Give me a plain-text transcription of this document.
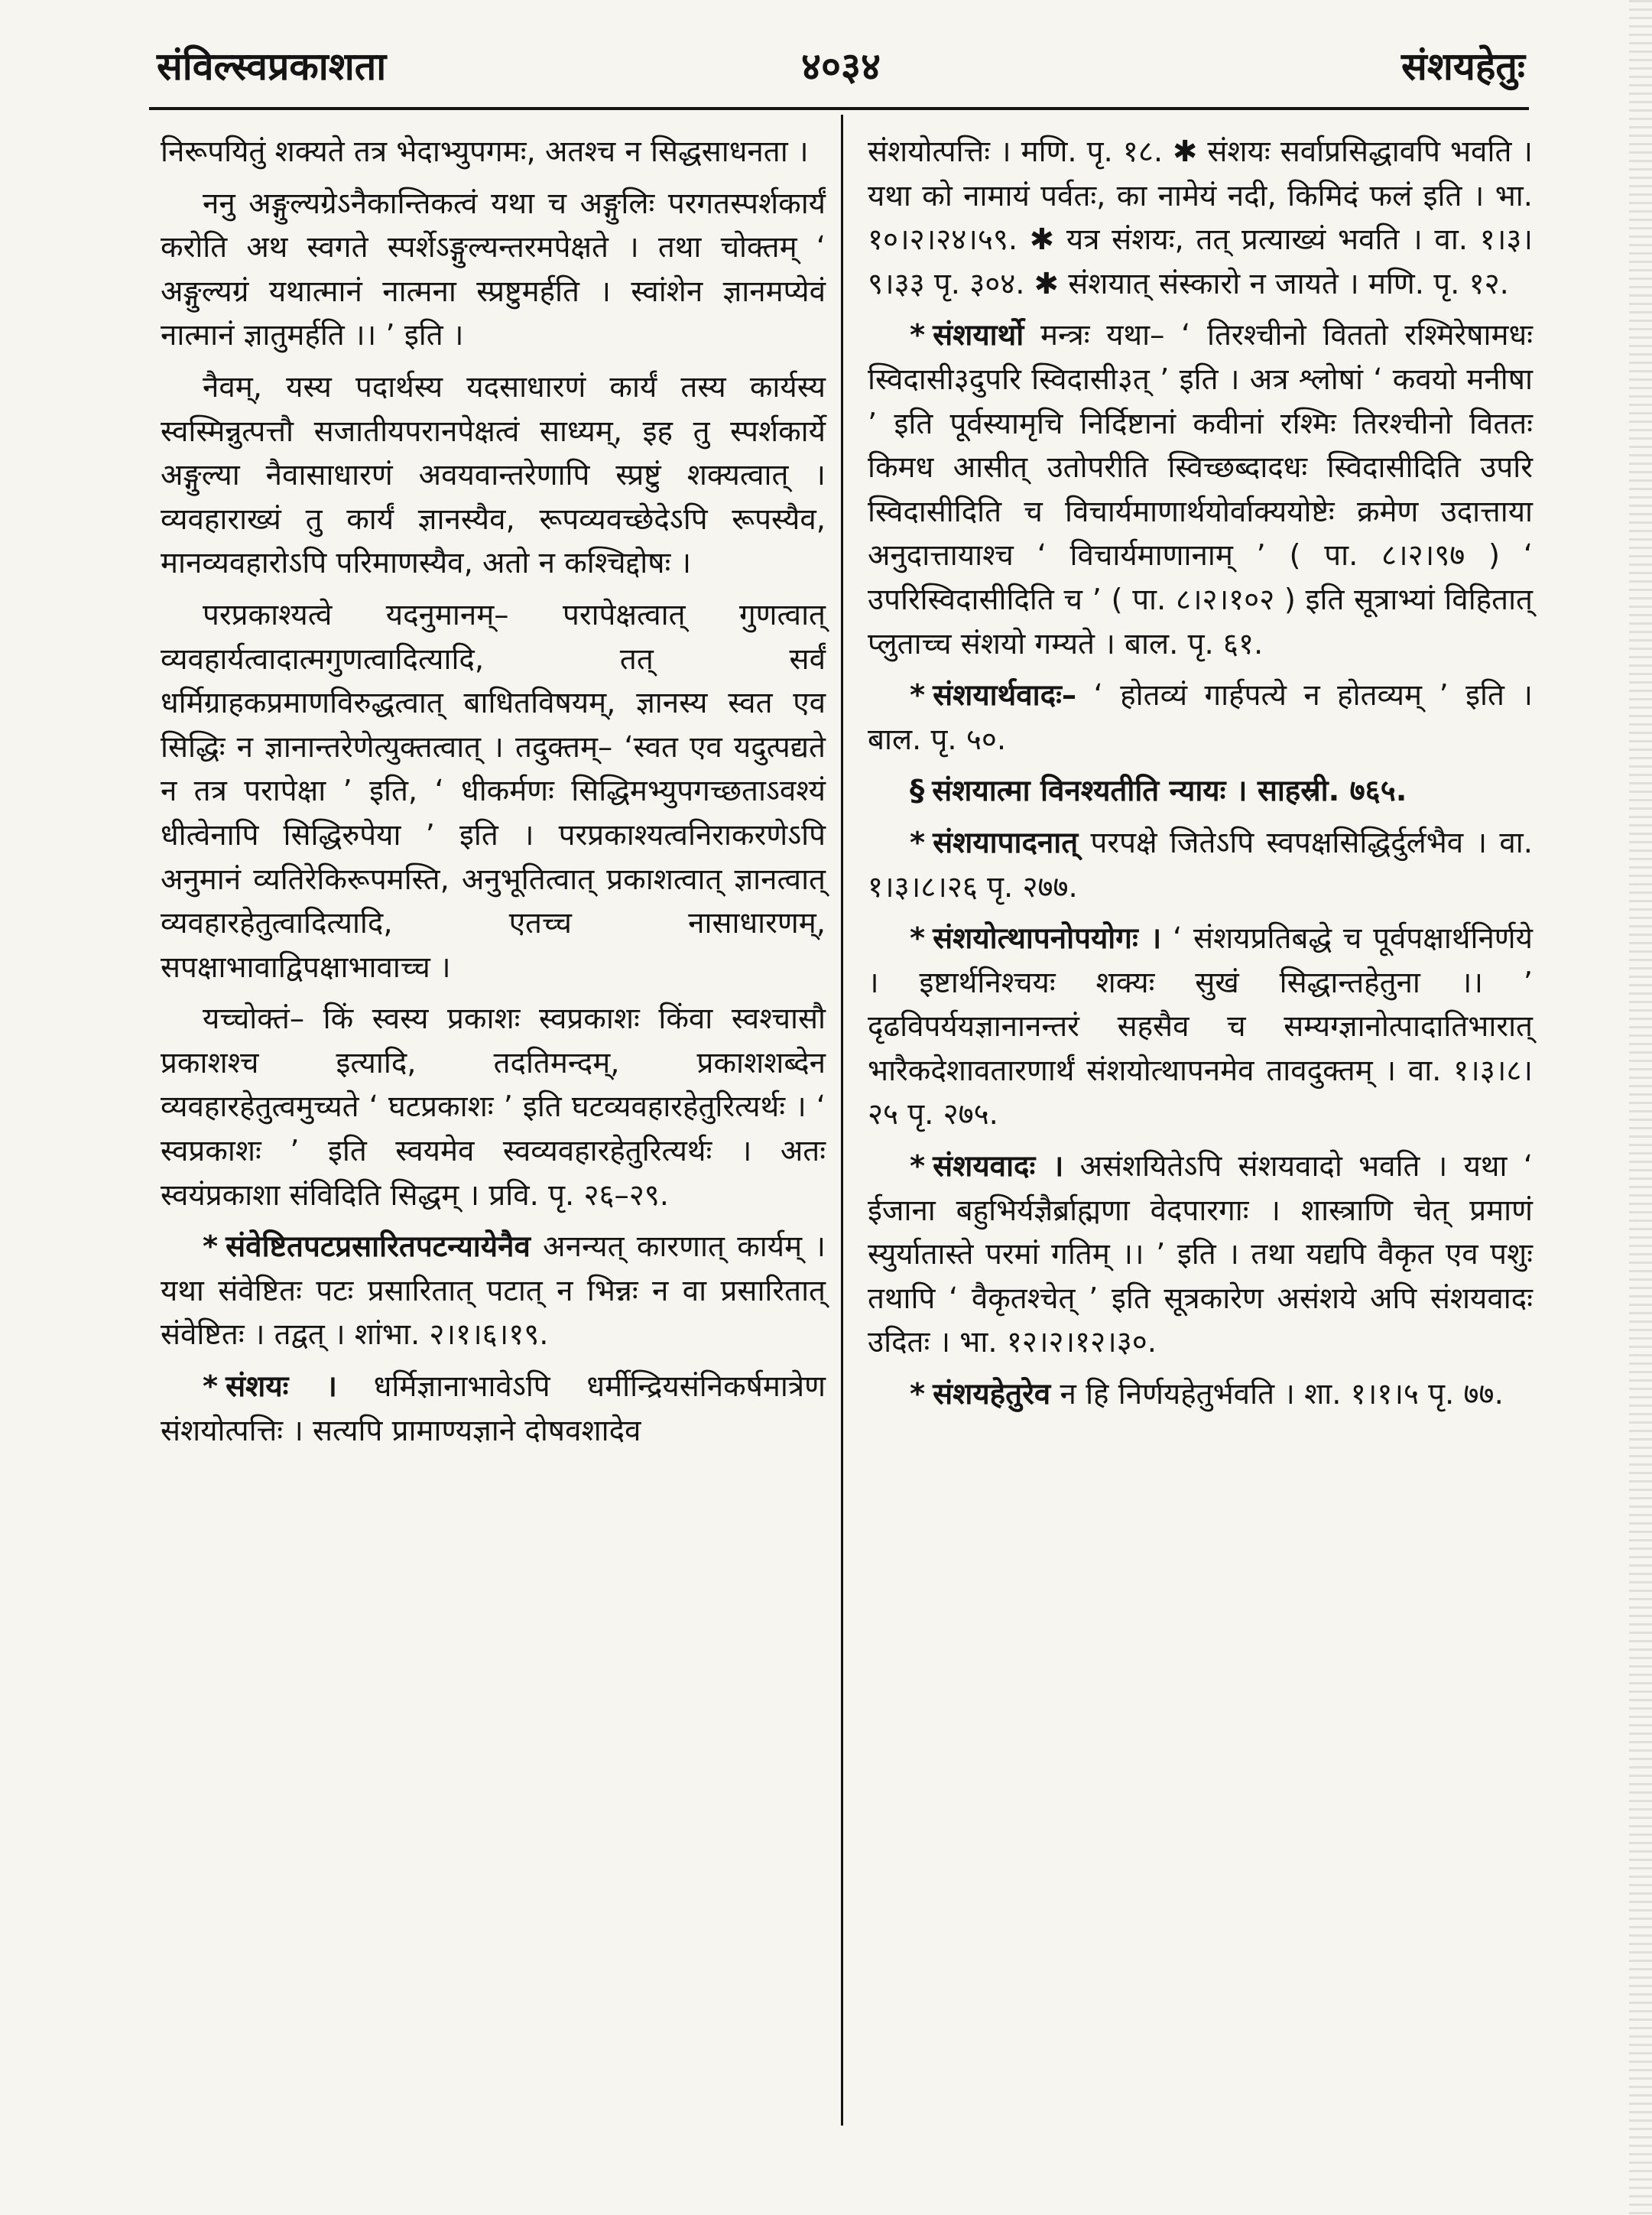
संविल्स्वप्रकाशता	४०३४	संशयहेतुः

निरूपयितुं शक्यते तत्र भेदाभ्युपगमः, अतश्च न सिद्धसाधनता ।

ननु अङ्गुल्यग्रेऽनैकान्तिकत्वं यथा च अङ्गुलिः परगतस्पर्शकार्यं करोति अथ स्वगते स्पर्शेऽङ्गुल्यन्तरमपेक्षते । तथा चोक्तम् ‘ अङ्गुल्यग्रं यथात्मानं नात्मना स्प्रष्टुमर्हति । स्वांशेन ज्ञानमप्येवं नात्मानं ज्ञातुमर्हति ।। ’ इति ।

नैवम्, यस्य पदार्थस्य यदसाधारणं कार्यं तस्य कार्यस्य स्वस्मिन्नुत्पत्तौ सजातीयपरानपेक्षत्वं साध्यम्, इह तु स्पर्शकार्ये अङ्गुल्या नैवासाधारणं अवयवान्तरेणापि स्प्रष्टुं शक्यत्वात् । व्यवहाराख्यं तु कार्यं ज्ञानस्यैव, रूपव्यवच्छेदेऽपि रूपस्यैव, मानव्यवहारोऽपि परिमाणस्यैव, अतो न कश्चिद्दोषः ।

परप्रकाश्यत्वे यदनुमानम्– परापेक्षत्वात् गुणत्वात् व्यवहार्यत्वादात्मगुणत्वादित्यादि, तत् सर्वं धर्मिग्राहकप्रमाणविरुद्धत्वात् बाधितविषयम्, ज्ञानस्य स्वत एव सिद्धिः न ज्ञानान्तरेणेत्युक्तत्वात् । तदुक्तम्– ‘स्वत एव यदुत्पद्यते न तत्र परापेक्षा ’ इति, ‘ धीकर्मणः सिद्धिमभ्युपगच्छताऽवश्यं धीत्वेनापि सिद्धिरुपेया ’ इति । परप्रकाश्यत्वनिराकरणेऽपि अनुमानं व्यतिरेकिरूपमस्ति, अनुभूतित्वात् प्रकाशत्वात् ज्ञानत्वात् व्यवहारहेतुत्वादित्यादि, एतच्च नासाधारणम्, सपक्षाभावाद्विपक्षाभावाच्च ।

यच्चोक्तं– किं स्वस्य प्रकाशः स्वप्रकाशः किंवा स्वश्चासौ प्रकाशश्च इत्यादि, तदतिमन्दम्, प्रकाशशब्देन व्यवहारहेतुत्वमुच्यते ‘ घटप्रकाशः ’ इति घटव्यवहारहेतुरित्यर्थः । ‘ स्वप्रकाशः ’ इति स्वयमेव स्वव्यवहारहेतुरित्यर्थः । अतः स्वयंप्रकाशा संविदिति सिद्धम् । प्रवि. पृ. २६–२९.

* संवेष्टितपटप्रसारितपटन्यायेनैव अनन्यत् कारणात् कार्यम् । यथा संवेष्टितः पटः प्रसारितात् पटात् न भिन्नः न वा प्रसारितात् संवेष्टितः । तद्वत् । शांभा. २।१।६।१९.

* संशयः । धर्मिज्ञानाभावेऽपि धर्मीन्द्रियसंनिकर्षमात्रेण संशयोत्पत्तिः । सत्यपि प्रामाण्यज्ञाने दोषवशादेव

संशयोत्पत्तिः । मणि. पृ. १८. ✱ संशयः सर्वाप्रसिद्धावपि भवति । यथा को नामायं पर्वतः, का नामेयं नदी, किमिदं फलं इति । भा. १०।२।२४।५९. ✱ यत्र संशयः, तत् प्रत्याख्यं भवति । वा. १।३।९।३३ पृ. ३०४. ✱ संशयात् संस्कारो न जायते । मणि. पृ. १२.

* संशयार्थो मन्त्रः यथा– ‘ तिरश्चीनो विततो रश्मिरेषामधः स्विदासी३दुपरि स्विदासी३त् ’ इति । अत्र श्लोषां ‘ कवयो मनीषा ’ इति पूर्वस्यामृचि निर्दिष्टानां कवीनां रश्मिः तिरश्चीनो विततः किमध आसीत् उतोपरीति स्विच्छब्दादधः स्विदासीदिति उपरि स्विदासीदिति च विचार्यमाणार्थयोर्वाक्ययोष्टेः क्रमेण उदात्ताया अनुदात्तायाश्च ‘ विचार्यमाणानाम् ’ ( पा. ८।२।९७ ) ‘ उपरिस्विदासीदिति च ’ ( पा. ८।२।१०२ ) इति सूत्राभ्यां विहितात् प्लुताच्च संशयो गम्यते । बाल. पृ. ६१.

* संशयार्थवादः– ‘ होतव्यं गार्हपत्ये न होतव्यम् ’ इति । बाल. पृ. ५०.

§ संशयात्मा विनश्यतीति न्यायः । साहस्री. ७६५.

* संशयापादनात् परपक्षे जितेऽपि स्वपक्षसिद्धिर्दुर्लभैव । वा. १।३।८।२६ पृ. २७७.

* संशयोत्थापनोपयोगः । ‘ संशयप्रतिबद्धे च पूर्वपक्षार्थनिर्णये । इष्टार्थनिश्चयः शक्यः सुखं सिद्धान्तहेतुना ।। ’ दृढविपर्ययज्ञानानन्तरं सहसैव च सम्यग्ज्ञानोत्पादातिभारात् भारैकदेशावतारणार्थं संशयोत्थापनमेव तावदुक्तम् । वा. १।३।८।२५ पृ. २७५.

* संशयवादः । असंशयितेऽपि संशयवादो भवति । यथा ‘ ईजाना बहुभिर्यज्ञैर्ब्राह्मणा वेदपारगाः । शास्त्राणि चेत् प्रमाणं स्युर्यातास्ते परमां गतिम् ।। ’ इति । तथा यद्यपि वैकृत एव पशुः तथापि ‘ वैकृतश्चेत् ’ इति सूत्रकारेण असंशये अपि संशयवादः उदितः । भा. १२।२।१२।३०.

* संशयहेतुरेव न हि निर्णयहेतुर्भवति । शा. १।१।५ पृ. ७७.
